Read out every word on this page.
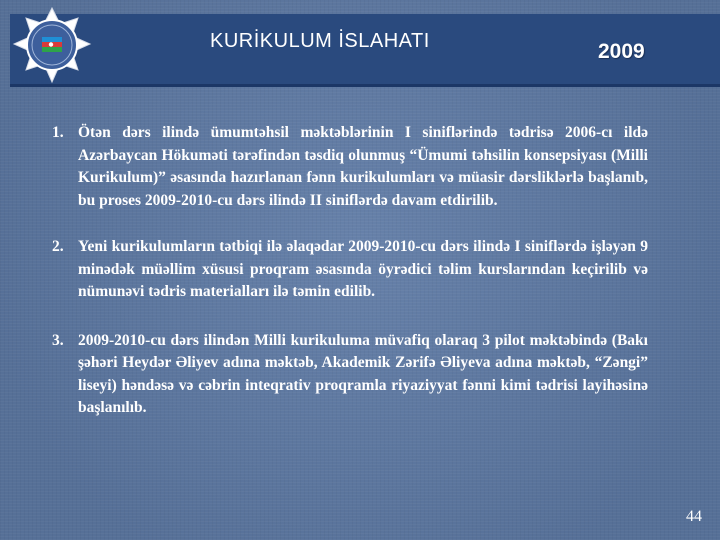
KURİKULUM İSLAHATI	2009
1. Ötən dərs ilində ümumtəhsil məktəblərinin I siniflərində tədrisə 2006-cı ildə Azərbaycan Hökuməti tərəfindən təsdiq olunmuş “Ümumi təhsilin konsepsiyası (Milli Kurikulum)” əsasında hazırlanan fənn kurikulumları və müasir dərsliklərlə başlanıb, bu proses 2009-2010-cu dərs ilində II siniflərdə davam etdirilib.

2. Yeni kurikulumların tətbiqi ilə əlaqədar 2009-2010-cu dərs ilində I siniflərdə işləyən 9 minədək müəllim xüsusi proqram əsasında öyrədici təlim kurslarından keçirilib və nümunəvi tədris materialları ilə təmin edilib.

3. 2009-2010-cu dərs ilindən Milli kurikuluma müvafiq olaraq 3 pilot məktəbində (Bakı şəhəri Heydər Əliyev adına məktəb, Akademik Zərifə Əliyeva adına məktəb, “Zəngi” liseyi) həndəsə və cəbrin inteqrativ proqramla riyaziyyat fənni kimi tədrisi layihəsinə başlanılıb.

44
